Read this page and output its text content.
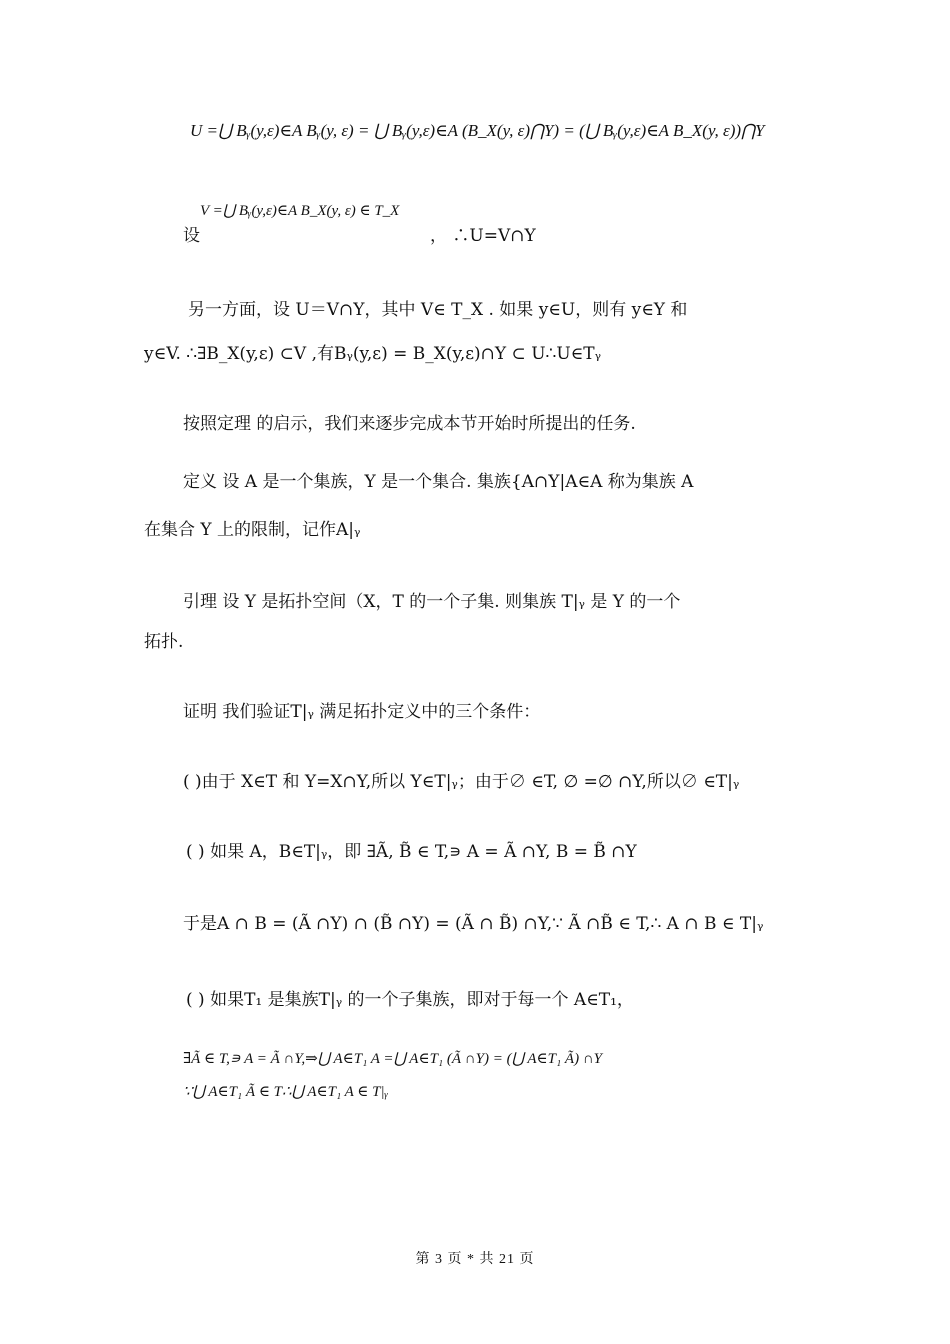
U =⋃ Bᵧ(y,ε)∈A Bᵧ(y, ε) = ⋃ Bᵧ(y,ε)∈A (B_X(y, ε)⋂Y) = (⋃ Bᵧ(y,ε)∈A B_X(y, ε))⋂Y
V =⋃ Bᵧ(y,ε)∈A B_X(y, ε) ∈ T_X
设	， ∴U=V∩Y
另一方面，设 U＝V∩Y，其中 V∈ T_X . 如果 y∈U，则有 y∈Y 和
y∈V. ∴∃B_X(y,ε) ⊂V ,有Bᵧ(y,ε) = B_X(y,ε)∩Y ⊂ U∴U∈Tᵧ
按照定理 的启示，我们来逐步完成本节开始时所提出的任务.
定义 设 A 是一个集族，Y 是一个集合. 集族{A∩Y|A∈A 称为集族 A
在集合 Y 上的限制，记作A|ᵧ
引理 设 Y 是拓扑空间（X，T 的一个子集. 则集族 T|ᵧ 是 Y 的一个
拓扑.
证明 我们验证T|ᵧ 满足拓扑定义中的三个条件：
( )由于 X∈T 和 Y=X∩Y,所以 Y∈T|ᵧ；由于∅ ∈T, ∅ =∅ ∩Y,所以∅ ∈T|ᵧ
( ) 如果 A，B∈T|ᵧ，即 ∃Ã, B̃ ∈ T,∍ A = Ã ∩Y, B = B̃ ∩Y
于是A ∩ B = (Ã ∩Y) ∩ (B̃ ∩Y) = (Ã ∩ B̃) ∩Y,∵ Ã ∩B̃ ∈ T,∴ A ∩ B ∈ T|ᵧ
( ) 如果T₁ 是集族T|ᵧ 的一个子集族，即对于每一个 A∈T₁，
∃Ã ∈ T,∍ A = Ã ∩Y,⇒⋃ A∈T₁ A =⋃ A∈T₁ (Ã ∩Y) = (⋃ A∈T₁ Ã) ∩Y
∵⋃ A∈T₁ Ã ∈ T∴⋃ A∈T₁ A ∈ T|ᵧ
第 3 页 * 共 21 页
